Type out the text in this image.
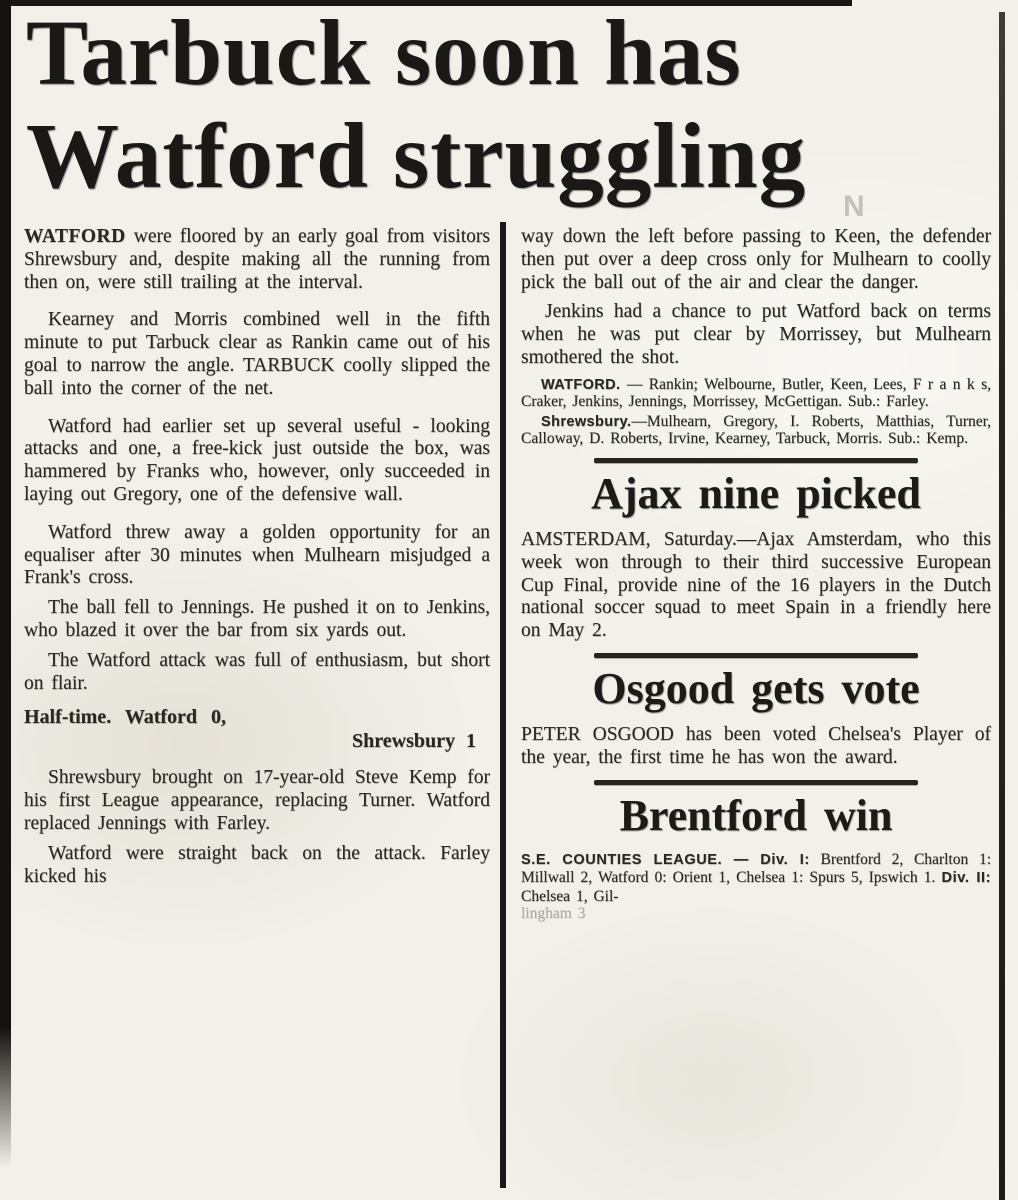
Tarbuck soon has
Watford struggling	N

WATFORD were floored by an early goal from visitors Shrewsbury and, despite making all the running from then on, were still trailing at the interval.

Kearney and Morris combined well in the fifth minute to put Tarbuck clear as Rankin came out of his goal to narrow the angle. TARBUCK coolly slipped the ball into the corner of the net.

Watford had earlier set up several useful - looking attacks and one, a free-kick just outside the box, was hammered by Franks who, however, only succeeded in laying out Gregory, one of the defensive wall.

Watford threw away a golden opportunity for an equaliser after 30 minutes when Mulhearn misjudged a Frank's cross.

The ball fell to Jennings. He pushed it on to Jenkins, who blazed it over the bar from six yards out.

The Watford attack was full of enthusiasm, but short on flair.

Half-time. Watford 0,
Shrewsbury 1

Shrewsbury brought on 17-year-old Steve Kemp for his first League appearance, replacing Turner. Watford replaced Jennings with Farley.

Watford were straight back on the attack. Farley kicked his

way down the left before passing to Keen, the defender then put over a deep cross only for Mulhearn to coolly pick the ball out of the air and clear the danger.

Jenkins had a chance to put Watford back on terms when he was put clear by Morrissey, but Mulhearn smothered the shot.

WATFORD. — Rankin; Welbourne, Butler, Keen, Lees, F r a n k s, Craker, Jenkins, Jennings, Morrissey, McGettigan. Sub.: Farley.

Shrewsbury.—Mulhearn, Gregory, I. Roberts, Matthias, Turner, Calloway, D. Roberts, Irvine, Kearney, Tarbuck, Morris. Sub.: Kemp.

Ajax nine picked

AMSTERDAM, Saturday.—Ajax Amsterdam, who this week won through to their third successive European Cup Final, provide nine of the 16 players in the Dutch national soccer squad to meet Spain in a friendly here on May 2.

Osgood gets vote

PETER OSGOOD has been voted Chelsea's Player of the year, the first time he has won the award.

Brentford win

S.E. COUNTIES LEAGUE. — Div. I: Brentford 2, Charlton 1: Millwall 2, Watford 0: Orient 1, Chelsea 1: Spurs 5, Ipswich 1. Div. II: Chelsea 1, Gil-

lingham 3
